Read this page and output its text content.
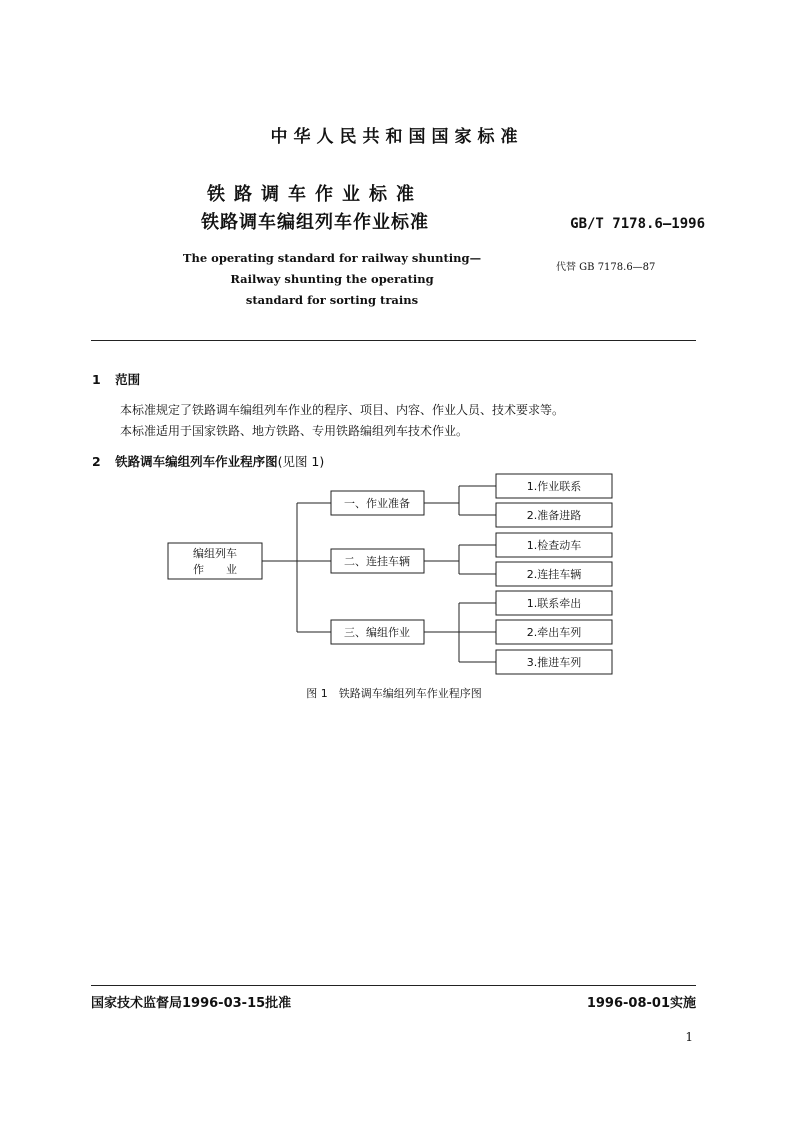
中华人民共和国国家标准
铁路调车作业标准
铁路调车编组列车作业标准	GB/T 7178.6—1996
代替 GB 7178.6—87
The operating standard for railway shunting—
Railway shunting the operating
standard for sorting trains
1 范围
本标准规定了铁路调车编组列车作业的程序、项目、内容、作业人员、技术要求等。
本标准适用于国家铁路、地方铁路、专用铁路编组列车技术作业。
2 铁路调车编组列车作业程序图(见图 1)
编组列车
作　　业
一、作业准备
二、连挂车辆
三、编组作业
1.作业联系
2.准备进路
1.检查动车
2.连挂车辆
1.联系牵出
2.牵出车列
3.推进车列
图 1　铁路调车编组列车作业程序图
国家技术监督局1996-03-15批准	1996-08-01实施
1
